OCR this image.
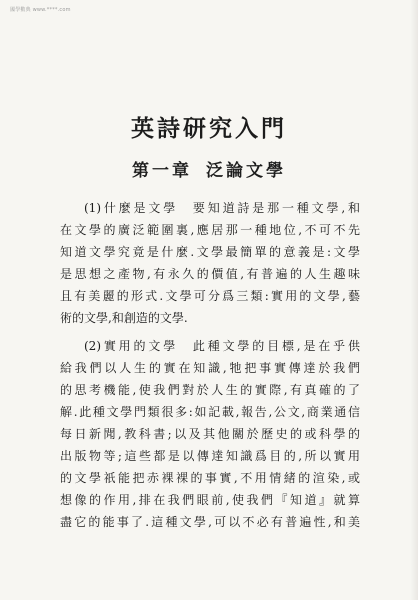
國學數典 www.****.com
英詩研究入門
第一章 泛論文學
(1)什麼是文學　要知道詩是那一種文學,和
在文學的廣泛範圍裏,應居那一種地位,不可不先
知道文學究竟是什麼.文學最簡單的意義是:文學
是思想之產物,有永久的價值,有普遍的人生趣味
且有美麗的形式.文學可分爲三類:實用的文學,藝
術的文學,和創造的文學.
(2)實用的文學　此種文學的目標,是在乎供
給我們以人生的實在知識,牠把事實傳達於我們
的思考機能,使我們對於人生的實際,有真確的了
解.此種文學門類很多:如記載,報告,公文,商業通信
每日新聞,教科書;以及其他關於歷史的或科學的
出版物等;這些都是以傳達知識爲目的,所以實用
的文學祇能把赤裸裸的事實,不用情緒的渲染,或
想像的作用,排在我們眼前,使我們『知道』就算
盡它的能事了.這種文學,可以不必有普遍性,和美
